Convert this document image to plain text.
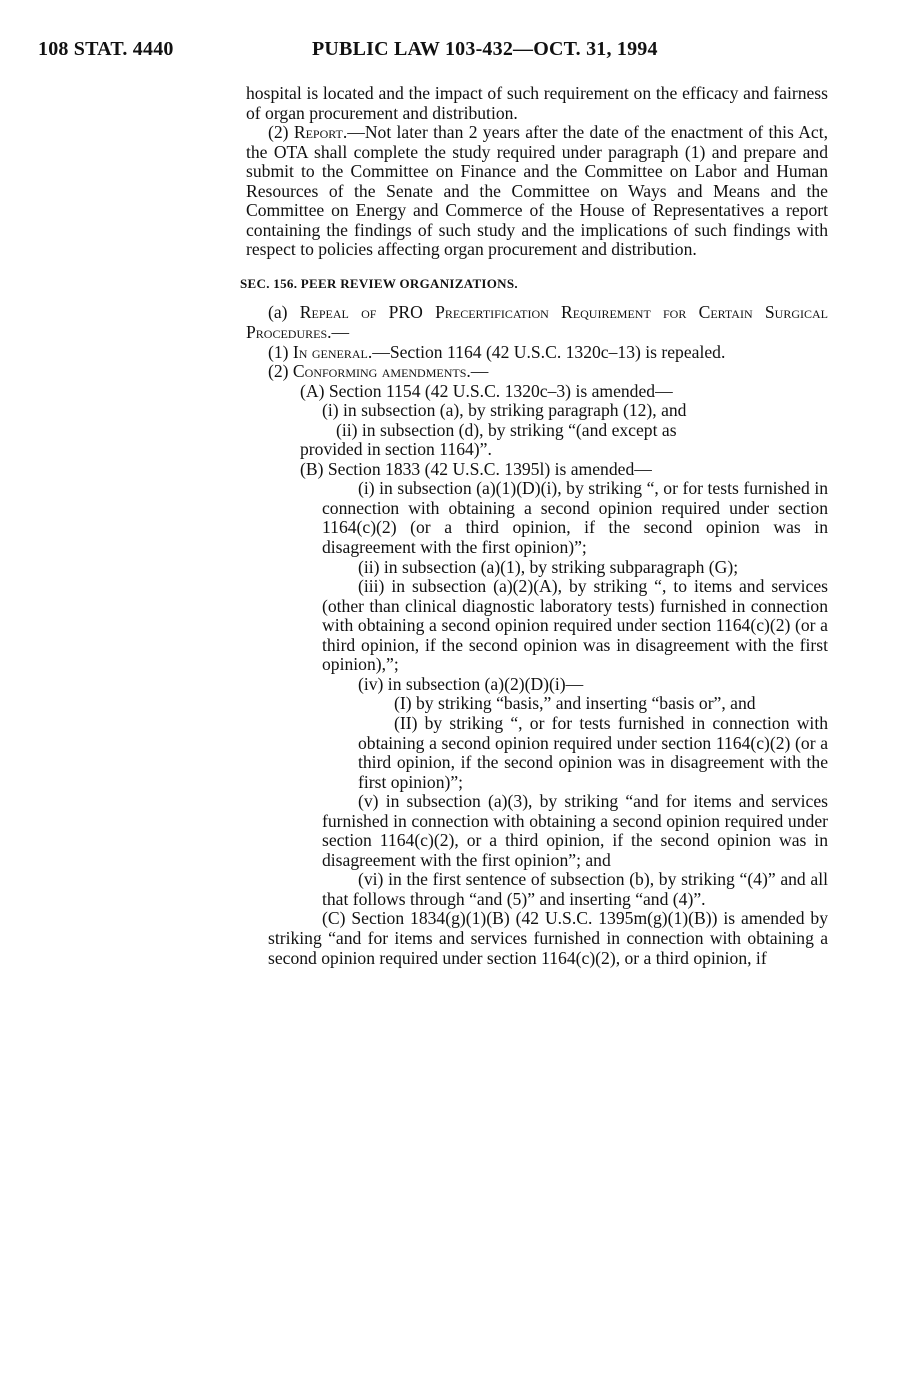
108 STAT. 4440	PUBLIC LAW 103-432—OCT. 31, 1994

hospital is located and the impact of such requirement on the efficacy and fairness of organ procurement and distribution.

(2) Report.—Not later than 2 years after the date of the enactment of this Act, the OTA shall complete the study required under paragraph (1) and prepare and submit to the Committee on Finance and the Committee on Labor and Human Resources of the Senate and the Committee on Ways and Means and the Committee on Energy and Commerce of the House of Representatives a report containing the findings of such study and the implications of such findings with respect to policies affecting organ procurement and distribution.

SEC. 156. PEER REVIEW ORGANIZATIONS.

(a) Repeal of PRO Precertification Requirement for Certain Surgical Procedures.—

(1) In general.—Section 1164 (42 U.S.C. 1320c–13) is repealed.

(2) Conforming amendments.—

(A) Section 1154 (42 U.S.C. 1320c–3) is amended—

(i) in subsection (a), by striking paragraph (12), and

(ii) in subsection (d), by striking “(and except as

provided in section 1164)”.

(B) Section 1833 (42 U.S.C. 1395l) is amended—

(i) in subsection (a)(1)(D)(i), by striking “, or for tests furnished in connection with obtaining a second opinion required under section 1164(c)(2) (or a third opinion, if the second opinion was in disagreement with the first opinion)”;

(ii) in subsection (a)(1), by striking subparagraph (G);

(iii) in subsection (a)(2)(A), by striking “, to items and services (other than clinical diagnostic laboratory tests) furnished in connection with obtaining a second opinion required under section 1164(c)(2) (or a third opinion, if the second opinion was in disagreement with the first opinion),”;

(iv) in subsection (a)(2)(D)(i)—

(I) by striking “basis,” and inserting “basis or”, and

(II) by striking “, or for tests furnished in connection with obtaining a second opinion required under section 1164(c)(2) (or a third opinion, if the second opinion was in disagreement with the first opinion)”;

(v) in subsection (a)(3), by striking “and for items and services furnished in connection with obtaining a second opinion required under section 1164(c)(2), or a third opinion, if the second opinion was in disagreement with the first opinion”; and

(vi) in the first sentence of subsection (b), by striking “(4)” and all that follows through “and (5)” and inserting “and (4)”.

(C) Section 1834(g)(1)(B) (42 U.S.C. 1395m(g)(1)(B)) is amended by striking “and for items and services furnished in connection with obtaining a second opinion required under section 1164(c)(2), or a third opinion, if
